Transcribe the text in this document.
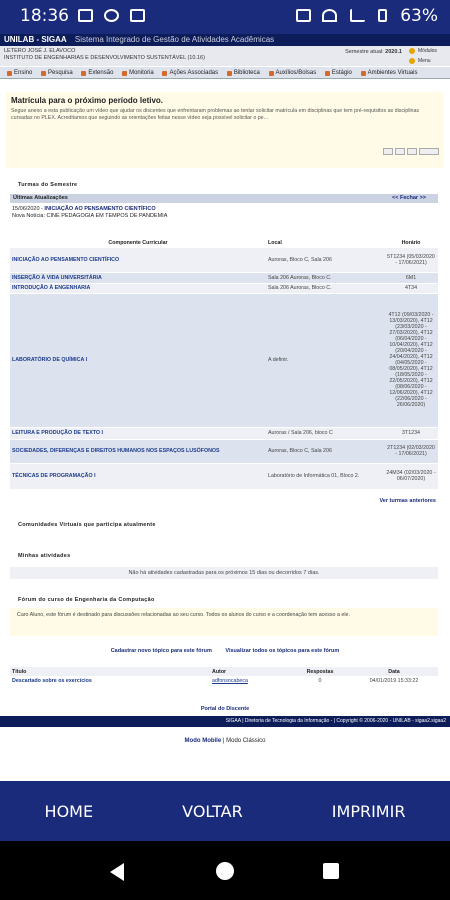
18:36	63%
UNILAB - SIGAA Sistema Integrado de Gestão de Atividades Acadêmicas
LETERO JOSÉ J. ELAVOCO
INSTITUTO DE ENGENHARIAS E DESENVOLVIMENTO SUSTENTÁVEL (10.16)
Semestre atual: 2020.1	Módulos
Menu
Ensino	Pesquisa	Extensão	Monitoria	Ações Associadas	Biblioteca	Auxílios/Bolsas	Estágio	Ambientes Virtuais
Matrícula para o próximo período letivo.

Segue anexo a esta publicação um vídeo que ajudar os discentes que enfrentaram problemas ao tentar solicitar matrícula em disciplinas que tem pré-requisitos as disciplinas cursadas no PLEX. Acreditamos que seguindo as orientações feitas nesse vídeo seja possível solicitar o pe...

Turmas do Semestre
Últimas Atualizações	<< Fechar >>
15/06/2020 - INICIAÇÃO AO PENSAMENTO CIENTÍFICO
Nova Notícia: CINE PEDAGOGIA EM TEMPOS DE PANDEMIA
Componente Curricular	Local	Horário
INICIAÇÃO AO PENSAMENTO CIENTÍFICO	Auroras, Bloco C, Sala 206	5T1234 (05/03/2020 - 17/06/2021)
INSERÇÃO À VIDA UNIVERSITÁRIA	Sala 206 Auroras, Bloco C.	6M1
INTRODUÇÃO À ENGENHARIA	Sala 206 Auroras, Bloco C.	4T34
LABORATÓRIO DE QUÍMICA I	A definir.	4T12 (09/03/2020 - 13/03/2020), 4T12 (23/03/2020 - 27/03/2020), 4T12 (06/04/2020 - 10/04/2020), 4T12 (20/04/2020 - 24/04/2020), 4T12 (04/05/2020 - 08/05/2020), 4T12 (18/05/2020 - 22/05/2020), 4T12 (08/06/2020 - 12/06/2020), 4T12 (22/06/2020 - 26/06/2020)
LEITURA E PRODUÇÃO DE TEXTO I	Auroras / Sala 206, bloco C	3T1234
SOCIEDADES, DIFERENÇAS E DIREITOS HUMANOS NOS ESPAÇOS LUSÓFONOS	Auroras, Bloco C, Sala 206	2T1234 (02/03/2020 - 17/06/2021)
TÉCNICAS DE PROGRAMAÇÃO I	Laboratório de Informática 01, Bloco 2.	24M34 (02/03/2020 - 06/07/2020)
Ver turmas anteriores
Comunidades Virtuais que participa atualmente
Minhas atividades
Não há atividades cadastradas para os próximos 15 dias ou decorridos 7 dias.
Fórum do curso de Engenharia da Computação
Caro Aluno, este fórum é destinado para discussões relacionadas ao seu curso. Todos os alunos do curso e a coordenação tem acesso a ele.
Cadastrar novo tópico para este fórum Visualizar todos os tópicos para este fórum
Título	Autor	Respostas	Data
Descartado sobre os exercícios	adfonsocabeca	0	04/01/2019 15:33:22
Portal do Discente
SIGAA | Diretoria de Tecnologia da Informação - | Copyright © 2006-2020 - UNILAB - sigaa2.sigaa2
Modo Mobile | Modo Clássico
HOME	VOLTAR	IMPRIMIR
